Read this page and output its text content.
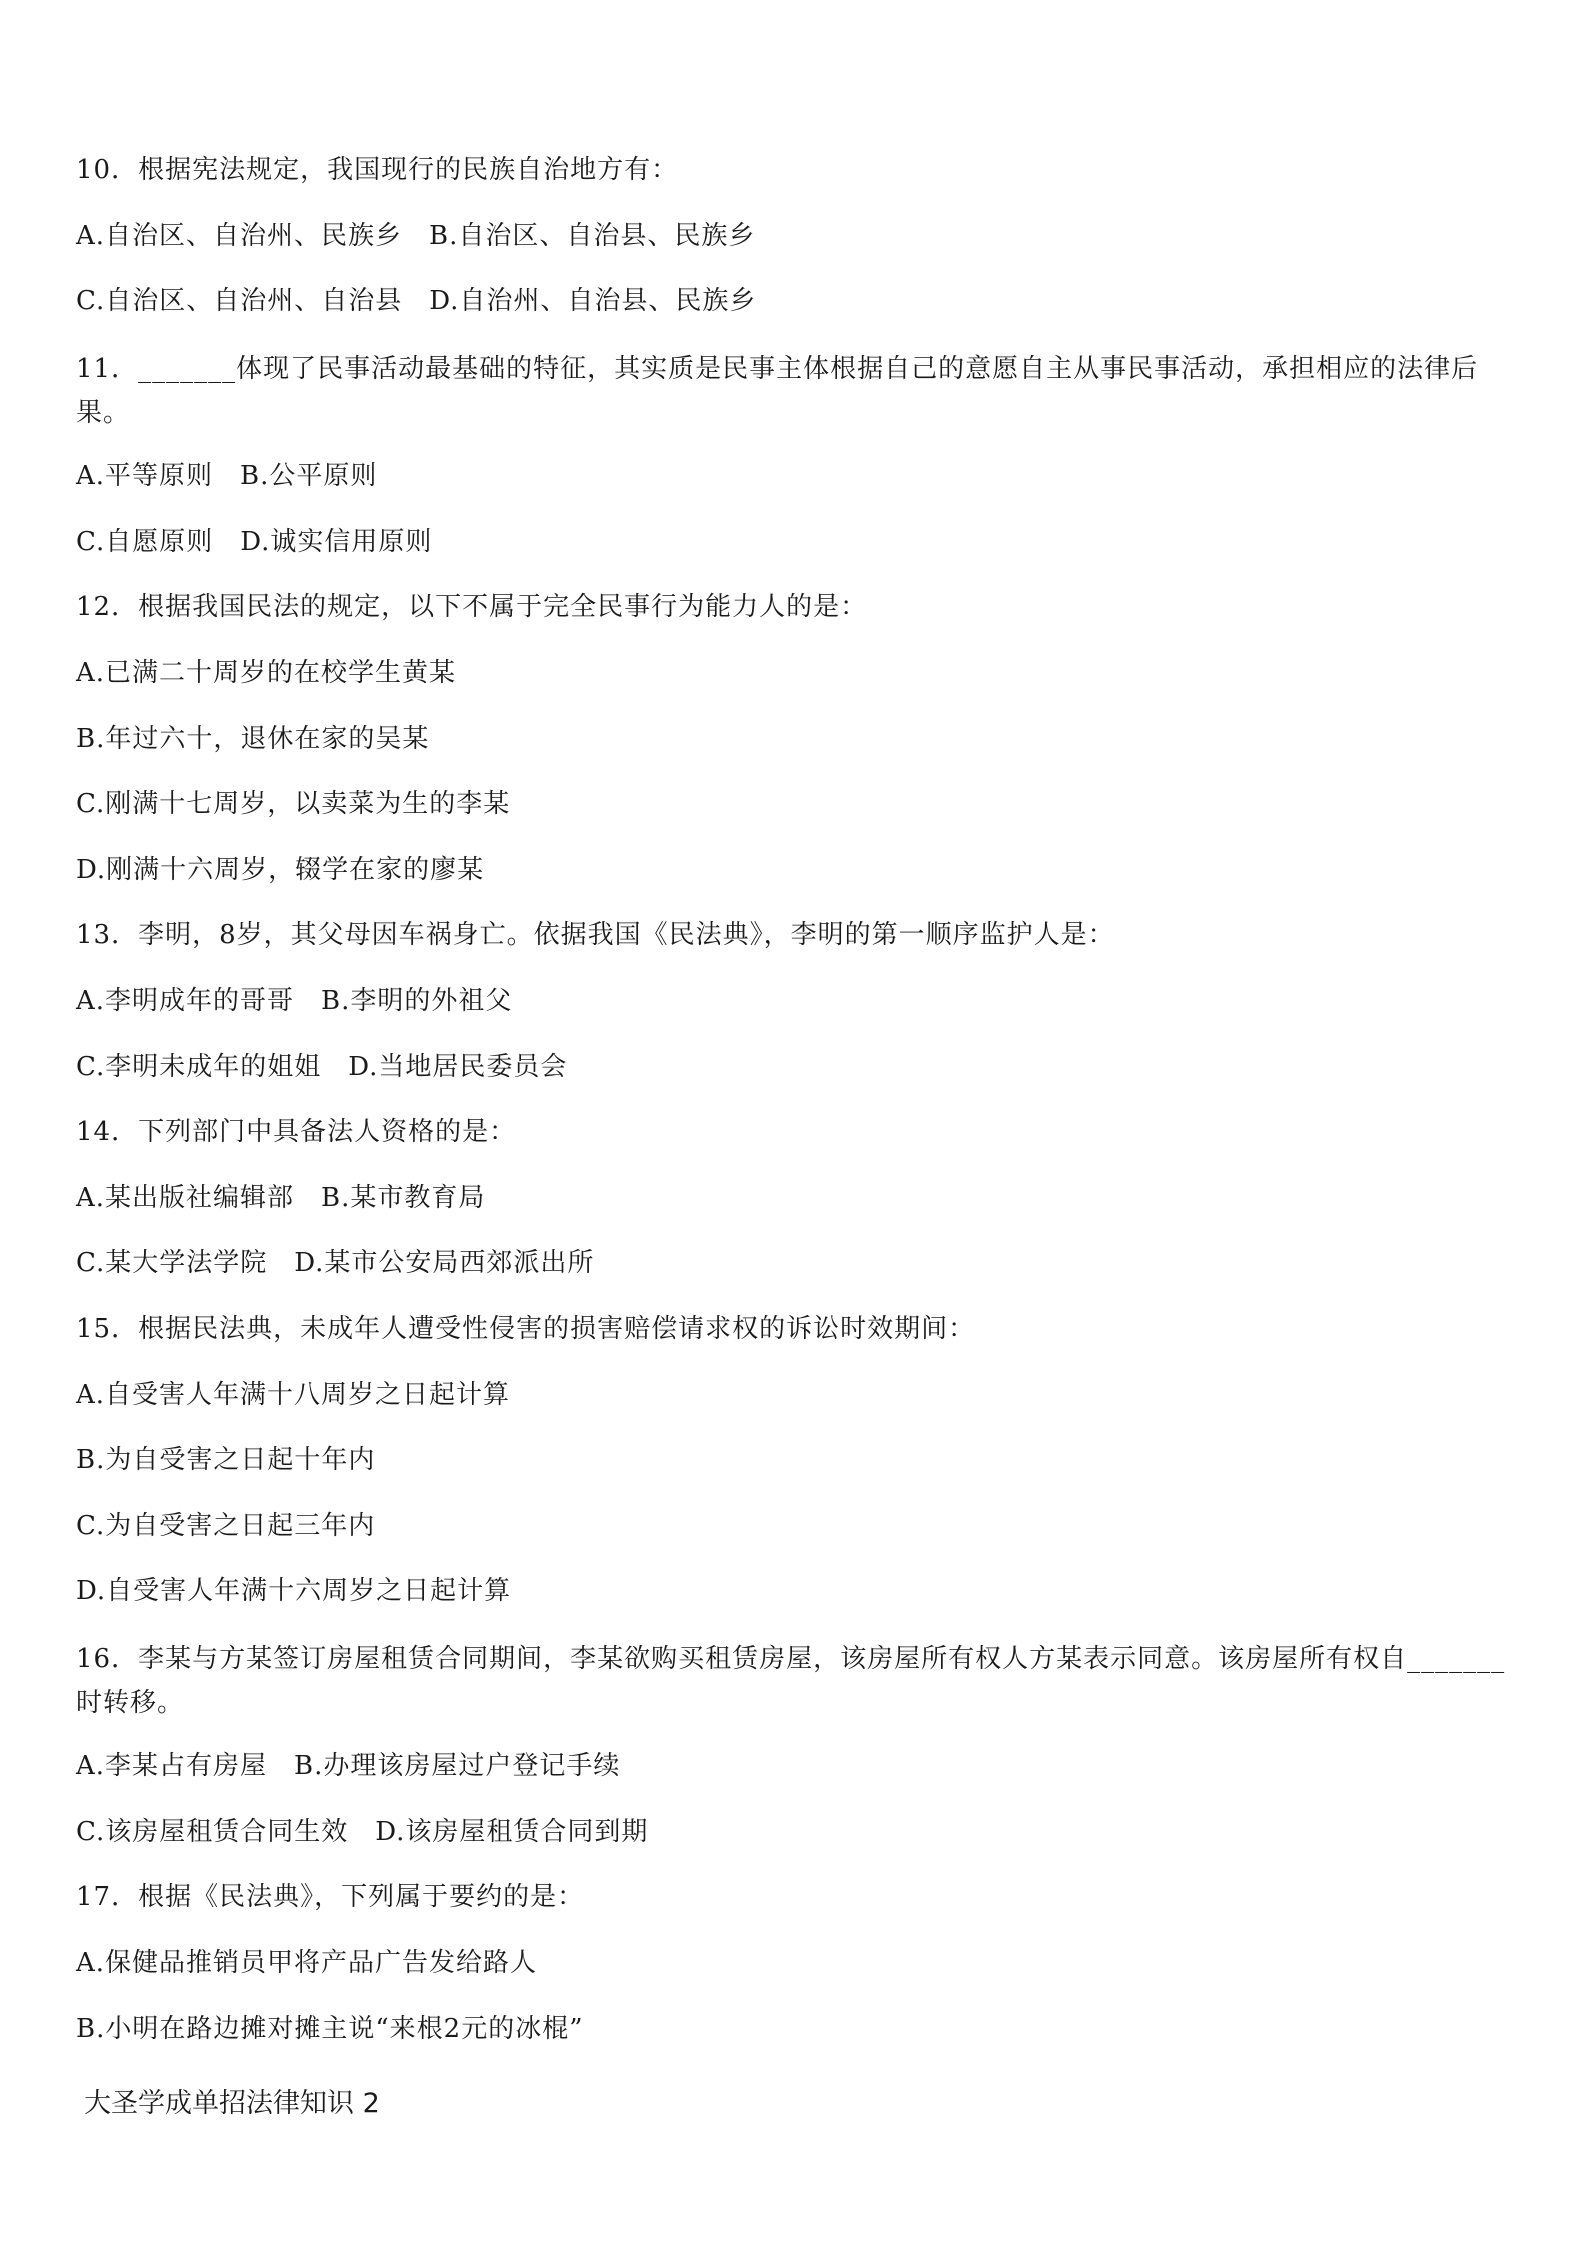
10．根据宪法规定，我国现行的民族自治地方有：
A.自治区、自治州、民族乡　B.自治区、自治县、民族乡
C.自治区、自治州、自治县　D.自治州、自治县、民族乡
11．_______体现了民事活动最基础的特征，其实质是民事主体根据自己的意愿自主从事民事活动，承担相应的法律后果。
A.平等原则　B.公平原则
C.自愿原则　D.诚实信用原则
12．根据我国民法的规定，以下不属于完全民事行为能力人的是：
A.已满二十周岁的在校学生黄某
B.年过六十，退休在家的吴某
C.刚满十七周岁，以卖菜为生的李某
D.刚满十六周岁，辍学在家的廖某
13．李明，8岁，其父母因车祸身亡。依据我国《民法典》，李明的第一顺序监护人是：
A.李明成年的哥哥　B.李明的外祖父
C.李明未成年的姐姐　D.当地居民委员会
14．下列部门中具备法人资格的是：
A.某出版社编辑部　B.某市教育局
C.某大学法学院　D.某市公安局西郊派出所
15．根据民法典，未成年人遭受性侵害的损害赔偿请求权的诉讼时效期间：
A.自受害人年满十八周岁之日起计算
B.为自受害之日起十年内
C.为自受害之日起三年内
D.自受害人年满十六周岁之日起计算
16．李某与方某签订房屋租赁合同期间，李某欲购买租赁房屋，该房屋所有权人方某表示同意。该房屋所有权自_______时转移。
A.李某占有房屋　B.办理该房屋过户登记手续
C.该房屋租赁合同生效　D.该房屋租赁合同到期
17．根据《民法典》，下列属于要约的是：
A.保健品推销员甲将产品广告发给路人
B.小明在路边摊对摊主说“来根2元的冰棍”
大圣学成单招法律知识 2
